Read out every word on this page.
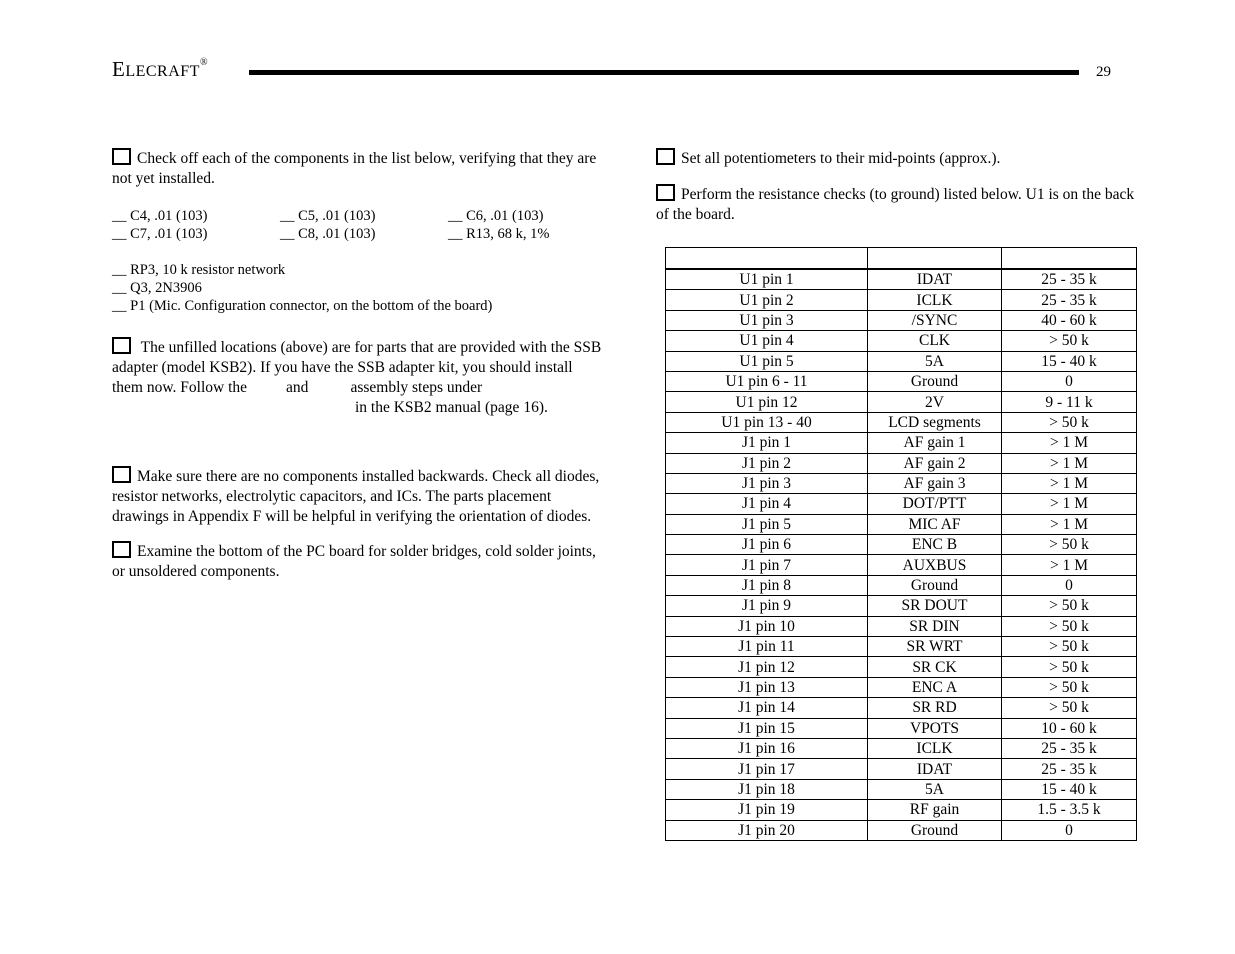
ELECRAFT®
29

Check off each of the components in the list below, verifying that they are not yet installed.

__ C4, .01 (103)	__ C5, .01 (103)	__ C6, .01 (103)
__ C7, .01 (103)	__ C8, .01 (103)	__ R13, 68 k, 1%
__ RP3, 10 k resistor network
__ Q3, 2N3906
__ P1 (Mic. Configuration connector, on the bottom of the board)

The unfilled locations (above) are for parts that are provided with the SSB adapter (model KSB2). If you have the SSB adapter kit, you should install them now. Follow the	and	assembly steps underin the KSB2 manual (page 16).

Make sure there are no components installed backwards. Check all diodes, resistor networks, electrolytic capacitors, and ICs. The parts placement drawings in Appendix F will be helpful in verifying the orientation of diodes.

Examine the bottom of the PC board for solder bridges, cold solder joints, or unsoldered components.

Set all potentiometers to their mid-points (approx.).

Perform the resistance checks (to ground) listed below. U1 is on the back of the board.

U1 pin 1	IDAT	25 - 35 k
U1 pin 2	ICLK	25 - 35 k
U1 pin 3	/SYNC	40 - 60 k
U1 pin 4	CLK	> 50 k
U1 pin 5	5A	15 - 40 k
U1 pin 6 - 11	Ground	0
U1 pin 12	2V	9 - 11 k
U1 pin 13 - 40	LCD segments	> 50 k
J1 pin 1	AF gain 1	> 1 M
J1 pin 2	AF gain 2	> 1 M
J1 pin 3	AF gain 3	> 1 M
J1 pin 4	DOT/PTT	> 1 M
J1 pin 5	MIC AF	> 1 M
J1 pin 6	ENC B	> 50 k
J1 pin 7	AUXBUS	> 1 M
J1 pin 8	Ground	0
J1 pin 9	SR DOUT	> 50 k
J1 pin 10	SR DIN	> 50 k
J1 pin 11	SR WRT	> 50 k
J1 pin 12	SR CK	> 50 k
J1 pin 13	ENC A	> 50 k
J1 pin 14	SR RD	> 50 k
J1 pin 15	VPOTS	10 - 60 k
J1 pin 16	ICLK	25 - 35 k
J1 pin 17	IDAT	25 - 35 k
J1 pin 18	5A	15 - 40 k
J1 pin 19	RF gain	1.5 - 3.5 k
J1 pin 20	Ground	0
